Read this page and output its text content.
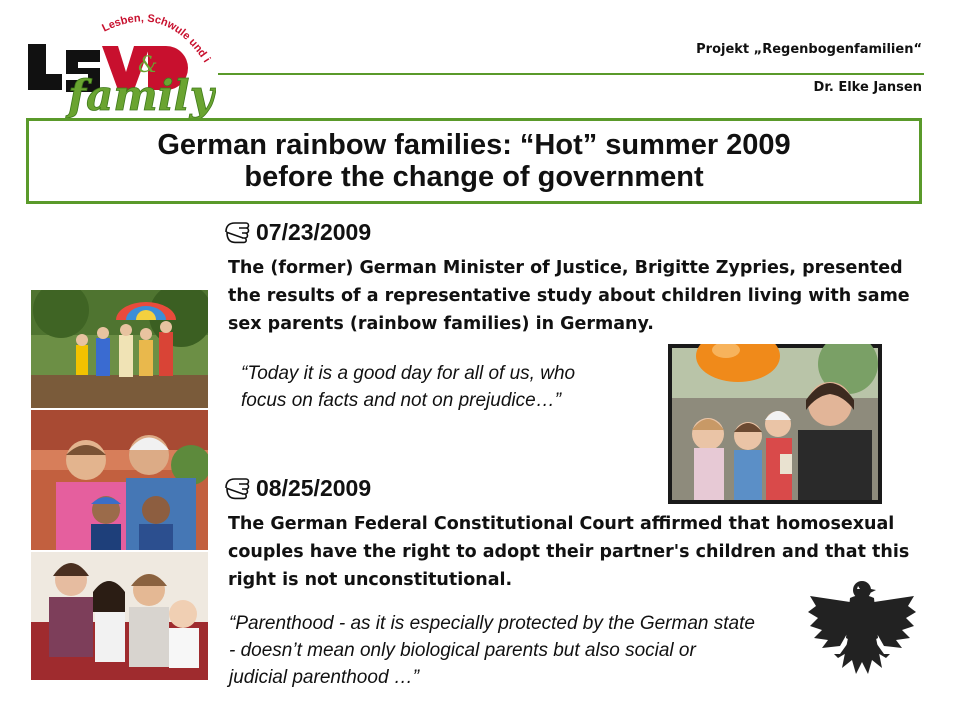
Lesben, Schwule und i
&
family
Projekt „Regenbogenfamilien“
Dr. Elke Jansen
German rainbow families: “Hot” summer 2009
before the change of government
07/23/2009
The (former) German Minister of Justice, Brigitte Zypries, presented the results of a representative study about children living with same sex parents (rainbow families) in Germany.
“Today it is a good day for all of us, who focus on facts and not on prejudice…”
08/25/2009
The German Federal Constitutional Court affirmed that homosexual couples have the right to adopt their partner's children and that this right is not unconstitutional.
“Parenthood - as it is especially protected by the German state - doesn’t mean only biological parents but also social or judicial parenthood …”
